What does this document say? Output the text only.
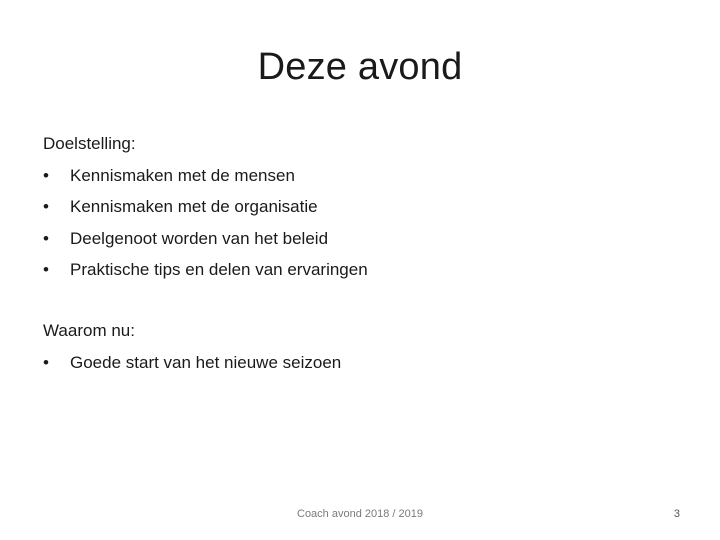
Deze avond

Doelstelling:

•	Kennismaken met de mensen
•	Kennismaken met de organisatie
•	Deelgenoot worden van het beleid
•	Praktische tips en delen van ervaringen

Waarom nu:

•	Goede start van het nieuwe seizoen
Coach avond 2018 / 2019	3
